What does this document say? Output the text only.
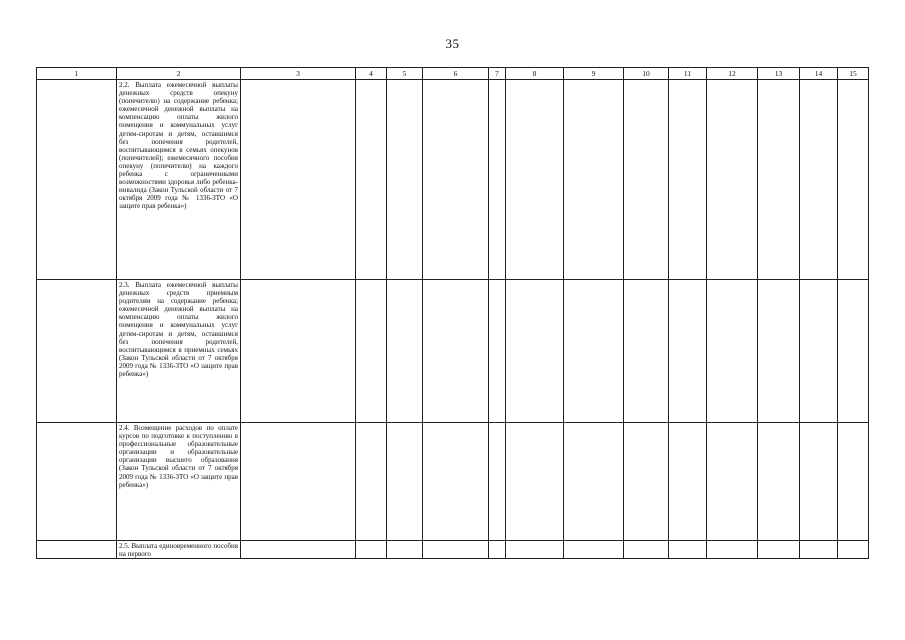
35
1	2	3	4	5	6	7	8	9	10	11	12	13	14	15

	2.2. Выплата ежемесячной выплаты денежных средств опекуну (попечителю) на содержание ребенка; ежемесячной денежной выплаты на компенсацию оплаты жилого помещения и коммунальных услуг детям-сиротам и детям, оставшимся без попечения родителей, воспитывающимся в семьях опекунов (попечителей); ежемесячного пособия опекуну (попечителю) на каждого ребенка с ограниченными возможностями здоровья либо ребенка-инвалида (Закон Тульской области от 7 октября 2009 года № 1336-ЗТО «О защите прав ребенка»)													

	2.3. Выплата ежемесячной выплаты денежных средств приемным родителям на содержание ребенка; ежемесячной денежной выплаты на компенсацию оплаты жилого помещения и коммунальных услуг детям-сиротам и детям, оставшимся без попечения родителей, воспитывающимся в приемных семьях (Закон Тульской области от 7 октября 2009 года № 1336-ЗТО «О защите прав ребенка»)													

	2.4. Возмещение расходов по оплате курсов по подготовке к поступлению в профессиональные образовательные организации и образовательные организации высшего образования (Закон Тульской области от 7 октября 2009 года № 1336-ЗТО «О защите прав ребенка»)													

	2.5. Выплата единовременного пособия на первого													
